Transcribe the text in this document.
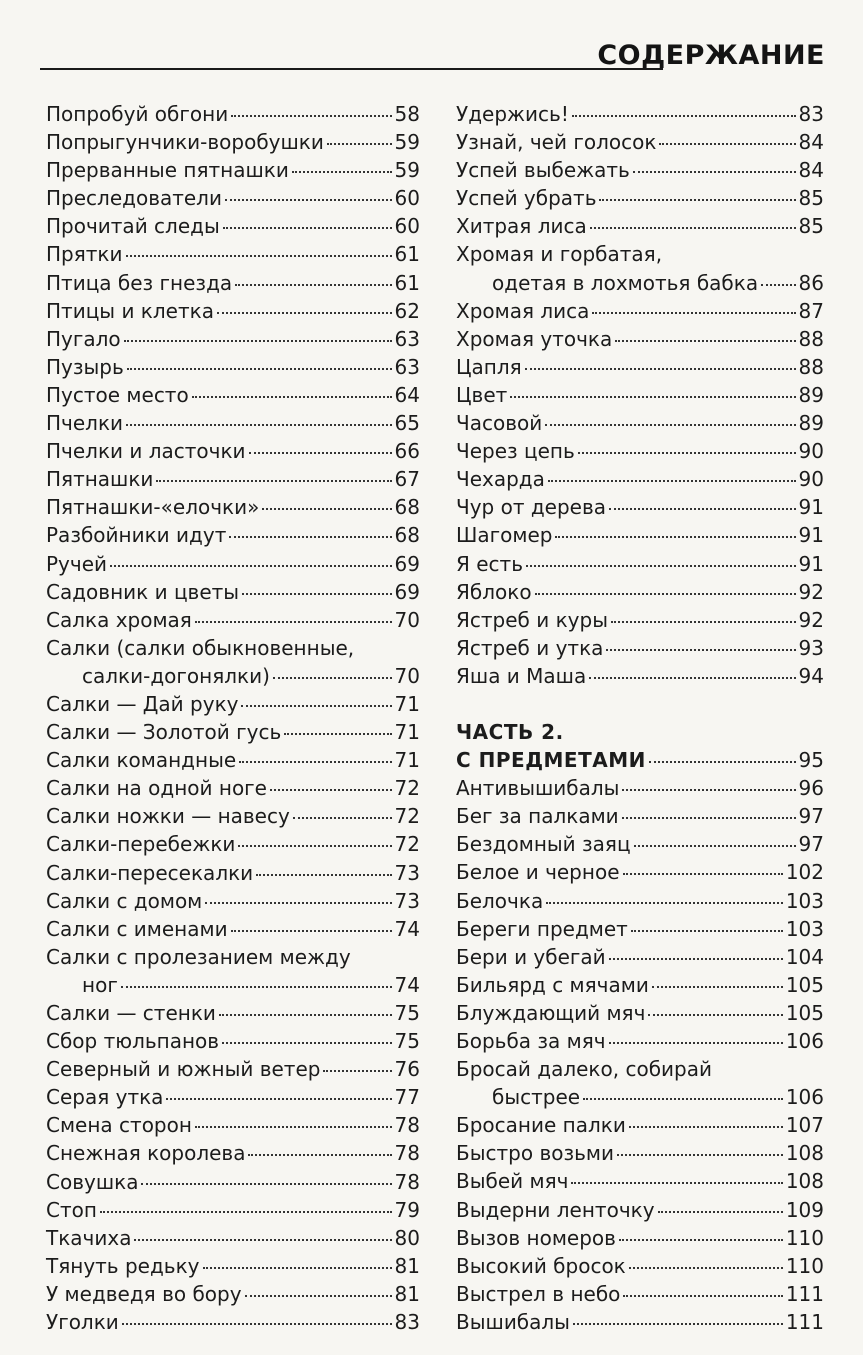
СОДЕРЖАНИЕ
Попробуй обгони	58
Попрыгунчики-воробушки	59
Прерванные пятнашки	59
Преследователи	60
Прочитай следы	60
Прятки	61
Птица без гнезда	61
Птицы и клетка	62
Пугало	63
Пузырь	63
Пустое место	64
Пчелки	65
Пчелки и ласточки	66
Пятнашки	67
Пятнашки-«елочки»	68
Разбойники идут	68
Ручей	69
Садовник и цветы	69
Салка хромая	70
Салки (салки обыкновенные,
салки-догонялки)	70
Салки — Дай руку	71
Салки — Золотой гусь	71
Салки командные	71
Салки на одной ноге	72
Салки ножки — навесу	72
Салки-перебежки	72
Салки-пересекалки	73
Салки с домом	73
Салки с именами	74
Салки с пролезанием между
ног	74
Салки — стенки	75
Сбор тюльпанов	75
Северный и южный ветер	76
Серая утка	77
Смена сторон	78
Снежная королева	78
Совушка	78
Стоп	79
Ткачиха	80
Тянуть редьку	81
У медведя во бору	81
Уголки	83
Удержись!	83
Узнай, чей голосок	84
Успей выбежать	84
Успей убрать	85
Хитрая лиса	85
Хромая и горбатая,
одетая в лохмотья бабка 86
Хромая лиса	87
Хромая уточка	88
Цапля	88
Цвет	89
Часовой	89
Через цепь	90
Чехарда	90
Чур от дерева	91
Шагомер	91
Я есть	91
Яблоко	92
Ястреб и куры	92
Ястреб и утка	93
Яша и Маша	94
ЧАСТЬ 2.
С ПРЕДМЕТАМИ	95
Антивышибалы	96
Бег за палками	97
Бездомный заяц	97
Белое и черное	102
Белочка	103
Береги предмет	103
Бери и убегай	104
Бильярд с мячами	105
Блуждающий мяч	105
Борьба за мяч	106
Бросай далеко, собирай
быстрее	106
Бросание палки	107
Быстро возьми	108
Выбей мяч	108
Выдерни ленточку	109
Вызов номеров	110
Высокий бросок	110
Выстрел в небо	111
Вышибалы	111
